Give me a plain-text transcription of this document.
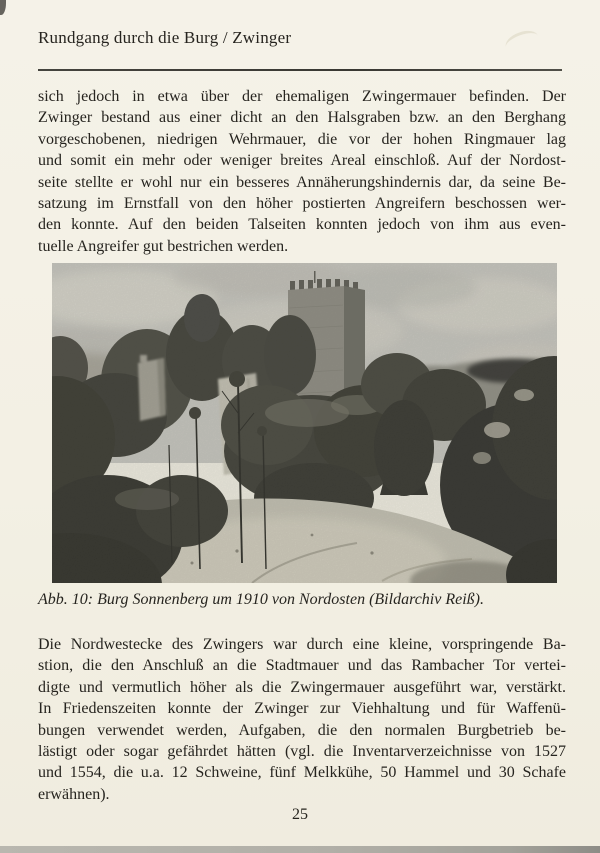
Rundgang durch die Burg / Zwinger
sich jedoch in etwa über der ehemaligen Zwingermauer befinden. Der
Zwinger bestand aus einer dicht an den Halsgraben bzw. an den Berghang
vorgeschobenen, niedrigen Wehrmauer, die vor der hohen Ringmauer lag
und somit ein mehr oder weniger breites Areal einschloß. Auf der Nordost-
seite stellte er wohl nur ein besseres Annäherungshindernis dar, da seine Be-
satzung im Ernstfall von den höher postierten Angreifern beschossen wer-
den konnte. Auf den beiden Talseiten konnten jedoch von ihm aus even-
tuelle Angreifer gut bestrichen werden.
Abb. 10: Burg Sonnenberg um 1910 von Nordosten (Bildarchiv Reiß).
Die Nordwestecke des Zwingers war durch eine kleine, vorspringende Ba-
stion, die den Anschluß an die Stadtmauer und das Rambacher Tor vertei-
digte und vermutlich höher als die Zwingermauer ausgeführt war, verstärkt.
In Friedenszeiten konnte der Zwinger zur Viehhaltung und für Waffenü-
bungen verwendet werden, Aufgaben, die den normalen Burgbetrieb be-
lästigt oder sogar gefährdet hätten (vgl. die Inventarverzeichnisse von 1527
und 1554, die u.a. 12 Schweine, fünf Melkkühe, 50 Hammel und 30 Schafe
erwähnen).
25
